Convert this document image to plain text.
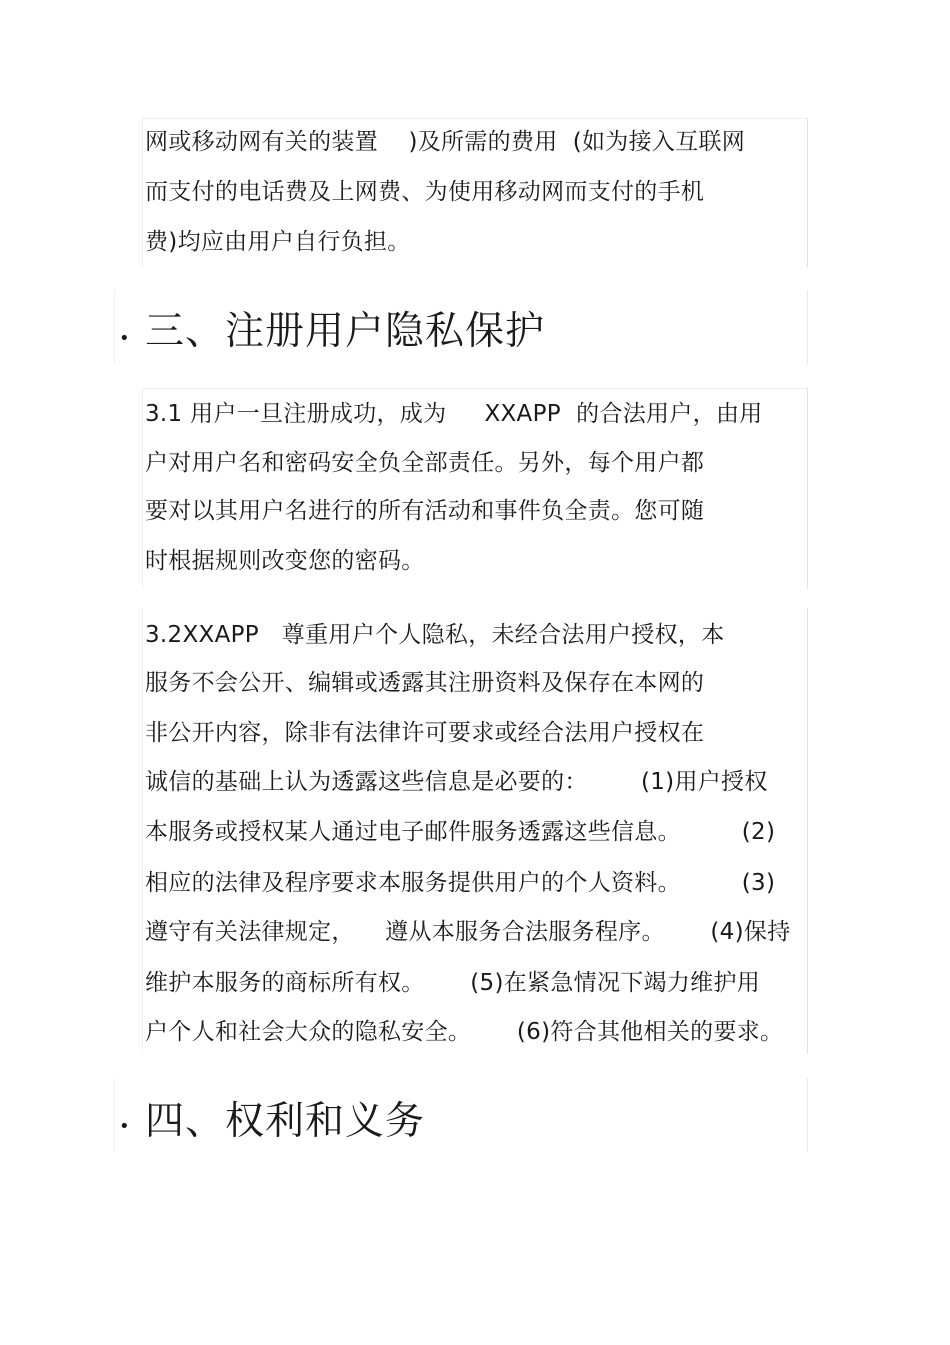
网或移动网有关的装置    )及所需的费用  (如为接入互联网
而支付的电话费及上网费、为使用移动网而支付的手机
费)均应由用户自行负担。
• 三、注册用户隐私保护
3.1 用户一旦注册成功，成为     XXAPP  的合法用户，由用
户对用户名和密码安全负全部责任。另外，每个用户都
要对以其用户名进行的所有活动和事件负全责。您可随
时根据规则改变您的密码。
3.2XXAPP   尊重用户个人隐私，未经合法用户授权，本
服务不会公开、编辑或透露其注册资料及保存在本网的
非公开内容，除非有法律许可要求或经合法用户授权在
诚信的基础上认为透露这些信息是必要的：       (1)用户授权
本服务或授权某人通过电子邮件服务透露这些信息。        (2)
相应的法律及程序要求本服务提供用户的个人资料。        (3)
遵守有关法律规定，    遵从本服务合法服务程序。      (4)保持
维护本服务的商标所有权。      (5)在紧急情况下竭力维护用
户个人和社会大众的隐私安全。      (6)符合其他相关的要求。
• 四、权利和义务
